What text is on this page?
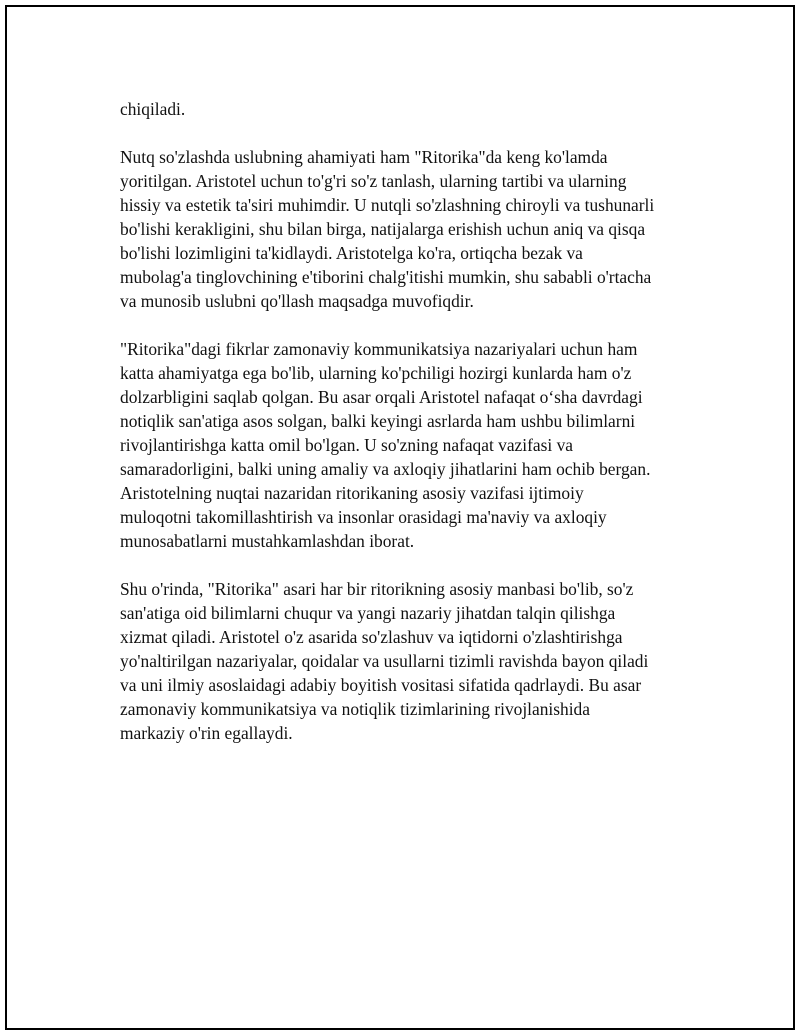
chiqiladi.

Nutq so'zlashda uslubning ahamiyati ham "Ritorika"da keng ko'lamda
yoritilgan. Aristotel uchun to'g'ri so'z tanlash, ularning tartibi va ularning
hissiy va estetik ta'siri muhimdir. U nutqli so'zlashning chiroyli va tushunarli
bo'lishi kerakligini, shu bilan birga, natijalarga erishish uchun aniq va qisqa
bo'lishi lozimligini ta'kidlaydi. Aristotelga ko'ra, ortiqcha bezak va
mubolag'a tinglovchining e'tiborini chalg'itishi mumkin, shu sababli o'rtacha
va munosib uslubni qo'llash maqsadga muvofiqdir.

"Ritorika"dagi fikrlar zamonaviy kommunikatsiya nazariyalari uchun ham
katta ahamiyatga ega bo'lib, ularning ko'pchiligi hozirgi kunlarda ham o'z
dolzarbligini saqlab qolgan. Bu asar orqali Aristotel nafaqat o‘sha davrdagi
notiqlik san'atiga asos solgan, balki keyingi asrlarda ham ushbu bilimlarni
rivojlantirishga katta omil bo'lgan. U so'zning nafaqat vazifasi va
samaradorligini, balki uning amaliy va axloqiy jihatlarini ham ochib bergan.
Aristotelning nuqtai nazaridan ritorikaning asosiy vazifasi ijtimoiy
muloqotni takomillashtirish va insonlar orasidagi ma'naviy va axloqiy
munosabatlarni mustahkamlashdan iborat.

Shu o'rinda, "Ritorika" asari har bir ritorikning asosiy manbasi bo'lib, so'z
san'atiga oid bilimlarni chuqur va yangi nazariy jihatdan talqin qilishga
xizmat qiladi. Aristotel o'z asarida so'zlashuv va iqtidorni o'zlashtirishga
yo'naltirilgan nazariyalar, qoidalar va usullarni tizimli ravishda bayon qiladi
va uni ilmiy asoslaidagi adabiy boyitish vositasi sifatida qadrlaydi. Bu asar
zamonaviy kommunikatsiya va notiqlik tizimlarining rivojlanishida
markaziy o'rin egallaydi.
